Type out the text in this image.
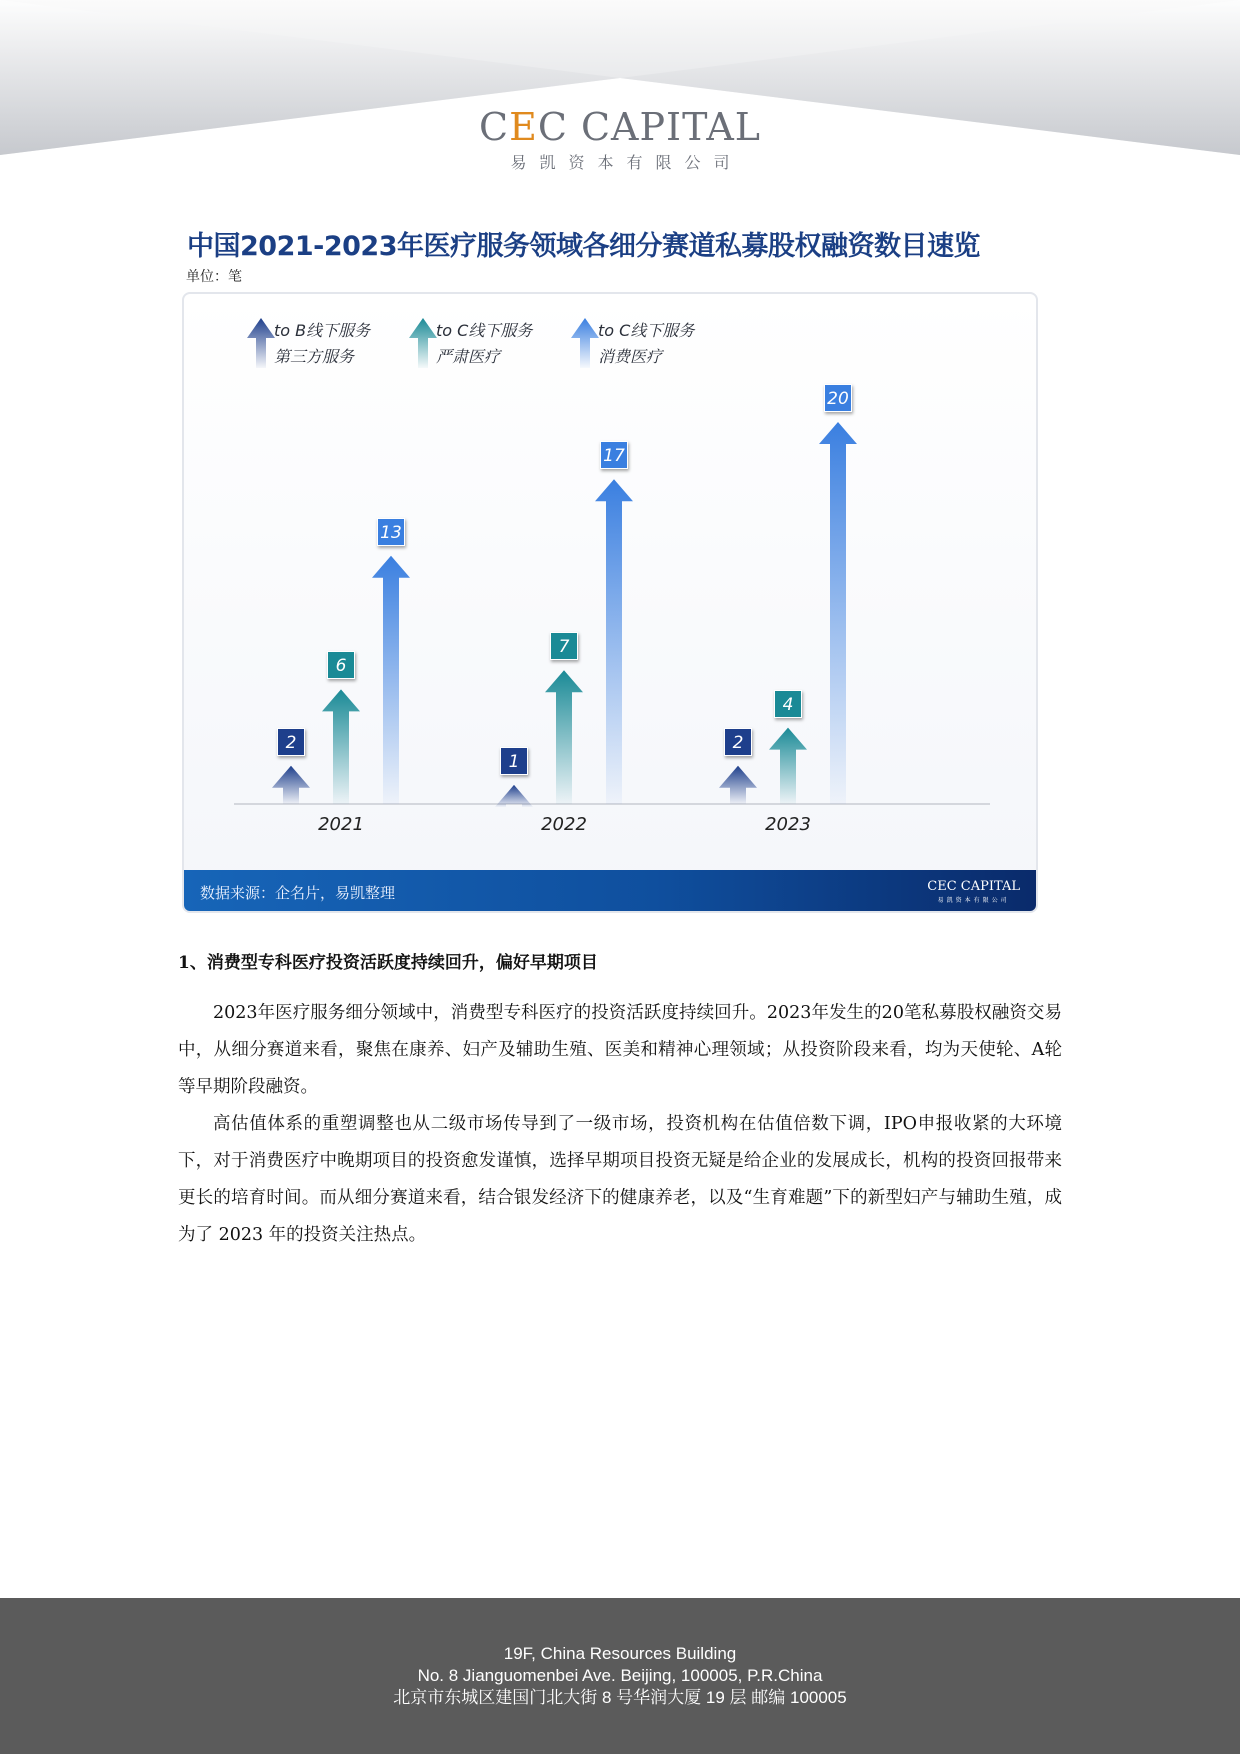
CEC CAPITAL
易凯资本有限公司
中国2021-2023年医疗服务领域各细分赛道私募股权融资数目速览
单位：笔
to B线下服务
第三方服务
to C线下服务
严肃医疗
to C线下服务
消费医疗
2
6
13
2021
1
7
17
2022
2
4
20
2023
数据来源：企名片，易凯整理	CEC CAPITAL
易凯资本有限公司
1、消费型专科医疗投资活跃度持续回升，偏好早期项目
2023年医疗服务细分领域中，消费型专科医疗的投资活跃度持续回升。2023年发生的20笔私募股权融资交易中，从细分赛道来看，聚焦在康养、妇产及辅助生殖、医美和精神心理领域；从投资阶段来看，均为天使轮、A轮等早期阶段融资。
高估值体系的重塑调整也从二级市场传导到了一级市场，投资机构在估值倍数下调，IPO申报收紧的大环境下，对于消费医疗中晚期项目的投资愈发谨慎，选择早期项目投资无疑是给企业的发展成长，机构的投资回报带来更长的培育时间。而从细分赛道来看，结合银发经济下的健康养老，以及“生育难题”下的新型妇产与辅助生殖，成为了 2023 年的投资关注热点。
19F, China Resources Building
No. 8 Jianguomenbei Ave. Beijing, 100005, P.R.China
北京市东城区建国门北大街 8 号华润大厦 19 层 邮编 100005
